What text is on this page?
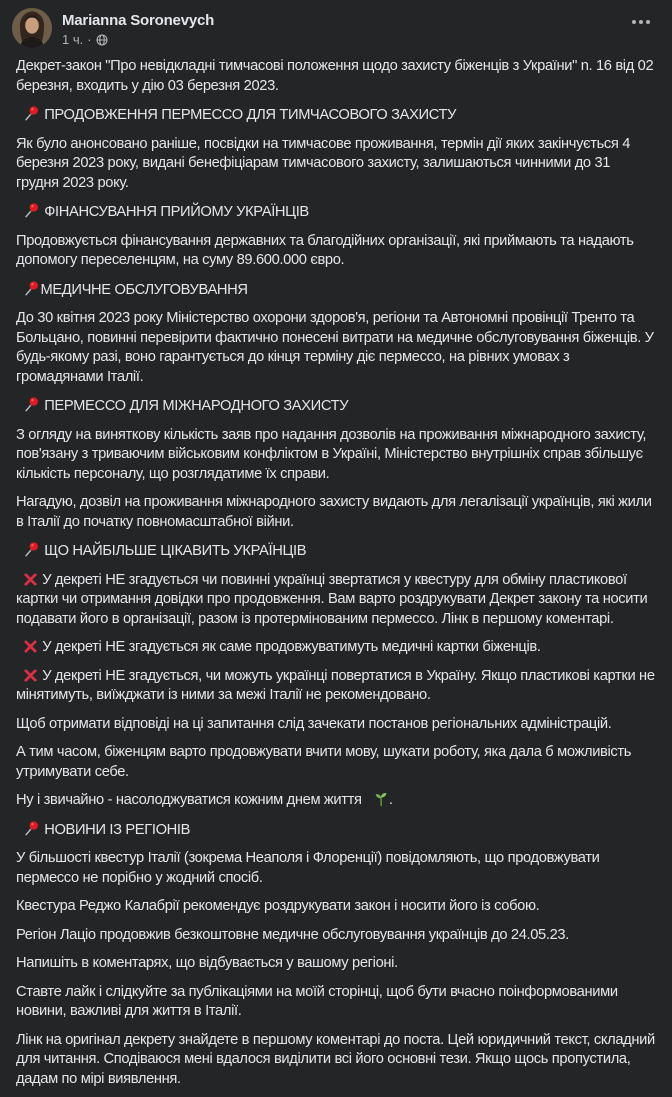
Marianna Soronevych
1 ч. ·

Декрет-закон "Про невідкладні тимчасові положення щодо захисту біженців з України" n. 16 від 02 березня, входить у дію 03 березня 2023.

ПРОДОВЖЕННЯ ПЕРМЕССО ДЛЯ ТИМЧАСОВОГО ЗАХИСТУ

Як було анонсовано раніше, посвідки на тимчасове проживання, термін дії яких закінчується 4 березня 2023 року, видані бенефіціарам тимчасового захисту, залишаються чинними до 31 грудня 2023 року.

ФІНАНСУВАННЯ ПРИЙОМУ УКРАЇНЦІВ

Продовжується фінансування державних та благодійних організації, які приймають та надають допомогу переселенцям, на суму 89.600.000 євро.

МЕДИЧНЕ ОБСЛУГОВУВАННЯ

До 30 квітня 2023 року Міністерство охорони здоров'я, регіони та Автономні провінції Тренто та Больцано, повинні перевірити фактично понесені витрати на медичне обслуговування біженців. У будь-якому разі, воно гарантується до кінця терміну діє пермессо, на рівних умовах з громадянами Італії.

ПЕРМЕССО ДЛЯ МІЖНАРОДНОГО ЗАХИСТУ

З огляду на виняткову кількість заяв про надання дозволів на проживання міжнародного захисту, пов'язану з триваючим військовим конфліктом в Україні, Міністерство внутрішніх справ збільшує кількість персоналу, що розглядатиме їх справи.

Нагадую, дозвіл на проживання міжнародного захисту видають для легалізації українців, які жили в Італії до початку повномасштабної війни.

ЩО НАЙБІЛЬШЕ ЦІКАВИТЬ УКРАЇНЦІВ

У декреті НЕ згадується чи повинні українці звертатися у квестуру для обміну пластикової картки чи отримання довідки про продовження. Вам варто роздрукувати Декрет закону та носити подавати його в організації, разом із протермінованим пермессо. Лінк в першому коментарі.

У декреті НЕ згадується як саме продовжуватимуть медичні картки біженців.

У декреті НЕ згадується, чи можуть українці повертатися в Україну. Якщо пластикові картки не мінятимуть, виїжджати із ними за межі Італії не рекомендовано.

Щоб отримати відповіді на ці запитання слід зачекати постанов регіональних адміністрацій.

А тим часом, біженцям варто продовжувати вчити мову, шукати роботу, яка дала б можливість утримувати себе.

Ну і звичайно - насолоджуватися кожним днем життя

.

НОВИНИ ІЗ РЕГІОНІВ

У більшості квестур Італії (зокрема Неаполя і Флоренції) повідомляють, що продовжувати пермессо не порібно у жодний спосіб.

Квестура Реджо Калабрії рекомендує роздрукувати закон і носити його із собою.

Регіон Лаціо продовжив безкоштовне медичне обслуговування українців до 24.05.23.

Напишіть в коментарях, що відбувається у вашому регіоні.

Ставте лайк і слідкуйте за публікаціями на моїй сторінці, щоб бути вчасно поінформованими новини, важливі для життя в Італії.

Лінк на оригінал декрету знайдете в першому коментарі до поста. Цей юридичний текст, складний для читання. Сподіваюся мені вдалося виділити всі його основні тези. Якщо щось пропустила, дадам по мірі виявлення.
